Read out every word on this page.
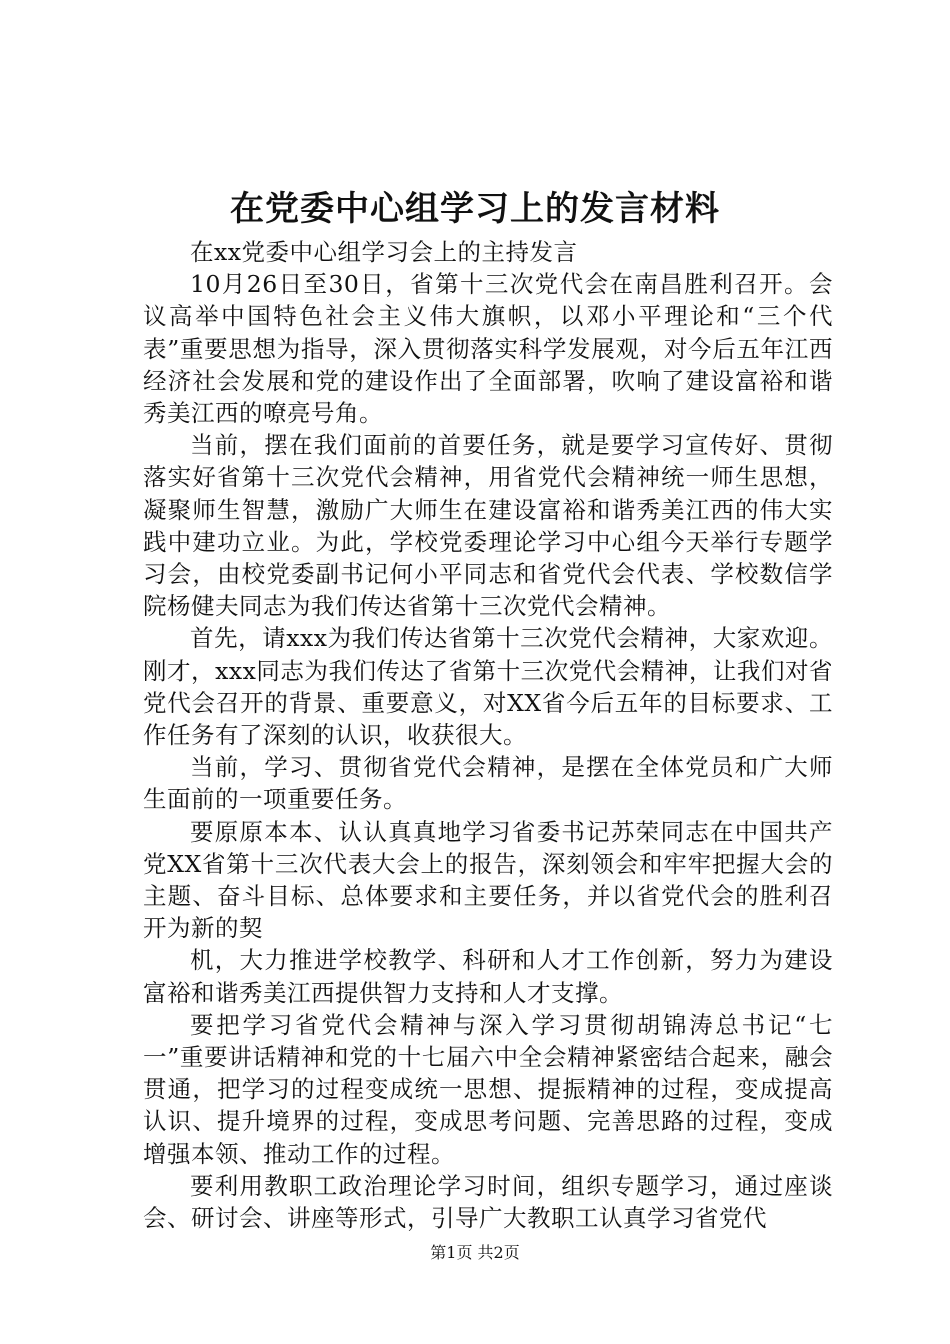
在党委中心组学习上的发言材料

在xx党委中心组学习会上的主持发言

10月26日至30日，省第十三次党代会在南昌胜利召开。会议高举中国特色社会主义伟大旗帜，以邓小平理论和“三个代表”重要思想为指导，深入贯彻落实科学发展观，对今后五年江西经济社会发展和党的建设作出了全面部署，吹响了建设富裕和谐秀美江西的嘹亮号角。

当前，摆在我们面前的首要任务，就是要学习宣传好、贯彻落实好省第十三次党代会精神，用省党代会精神统一师生思想，凝聚师生智慧，激励广大师生在建设富裕和谐秀美江西的伟大实践中建功立业。为此，学校党委理论学习中心组今天举行专题学习会，由校党委副书记何小平同志和省党代会代表、学校数信学院杨健夫同志为我们传达省第十三次党代会精神。

首先，请xxx为我们传达省第十三次党代会精神，大家欢迎。刚才，xxx同志为我们传达了省第十三次党代会精神，让我们对省党代会召开的背景、重要意义，对XX省今后五年的目标要求、工作任务有了深刻的认识，收获很大。

当前，学习、贯彻省党代会精神，是摆在全体党员和广大师生面前的一项重要任务。

要原原本本、认认真真地学习省委书记苏荣同志在中国共产党XX省第十三次代表大会上的报告，深刻领会和牢牢把握大会的主题、奋斗目标、总体要求和主要任务，并以省党代会的胜利召开为新的契

机，大力推进学校教学、科研和人才工作创新，努力为建设富裕和谐秀美江西提供智力支持和人才支撑。

要把学习省党代会精神与深入学习贯彻胡锦涛总书记“七一”重要讲话精神和党的十七届六中全会精神紧密结合起来，融会贯通，把学习的过程变成统一思想、提振精神的过程，变成提高认识、提升境界的过程，变成思考问题、完善思路的过程，变成增强本领、推动工作的过程。

要利用教职工政治理论学习时间，组织专题学习，通过座谈会、研讨会、讲座等形式，引导广大教职工认真学习省党代

第1页 共2页
